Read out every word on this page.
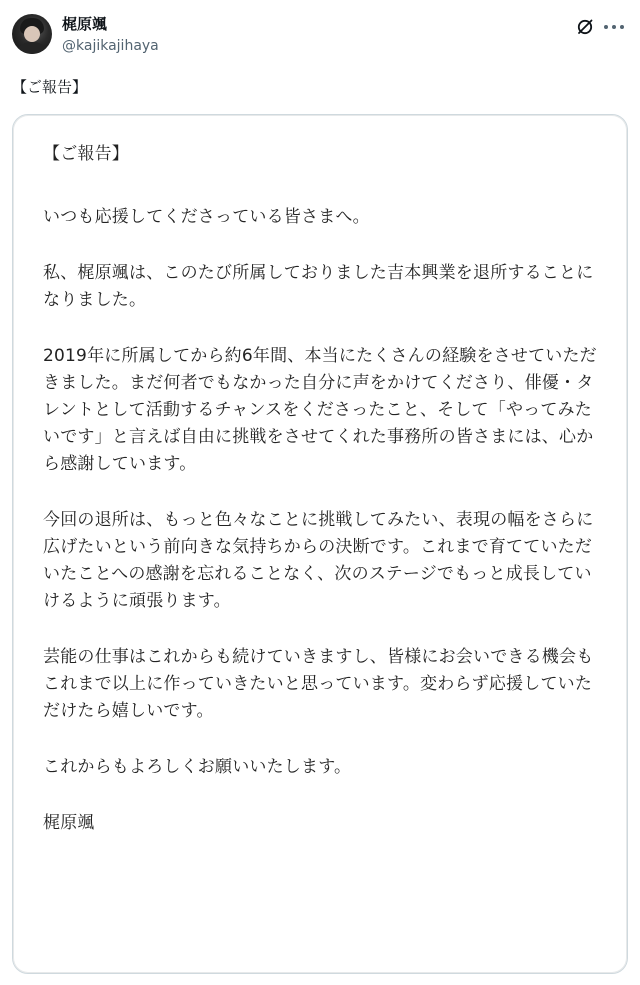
梶原颯
@kajikajihaya
【ご報告】

【ご報告】

いつも応援してくださっている皆さまへ。

私、梶原颯は、このたび所属しておりました吉本興業を退所することになりました。

2019年に所属してから約6年間、本当にたくさんの経験をさせていただきました。まだ何者でもなかった自分に声をかけてくださり、俳優・タレントとして活動するチャンスをくださったこと、そして「やってみたいです」と言えば自由に挑戦をさせてくれた事務所の皆さまには、心から感謝しています。

今回の退所は、もっと色々なことに挑戦してみたい、表現の幅をさらに広げたいという前向きな気持ちからの決断です。これまで育てていただいたことへの感謝を忘れることなく、次のステージでもっと成長していけるように頑張ります。

芸能の仕事はこれからも続けていきますし、皆様にお会いできる機会もこれまで以上に作っていきたいと思っています。変わらず応援していただけたら嬉しいです。

これからもよろしくお願いいたします。

梶原颯
